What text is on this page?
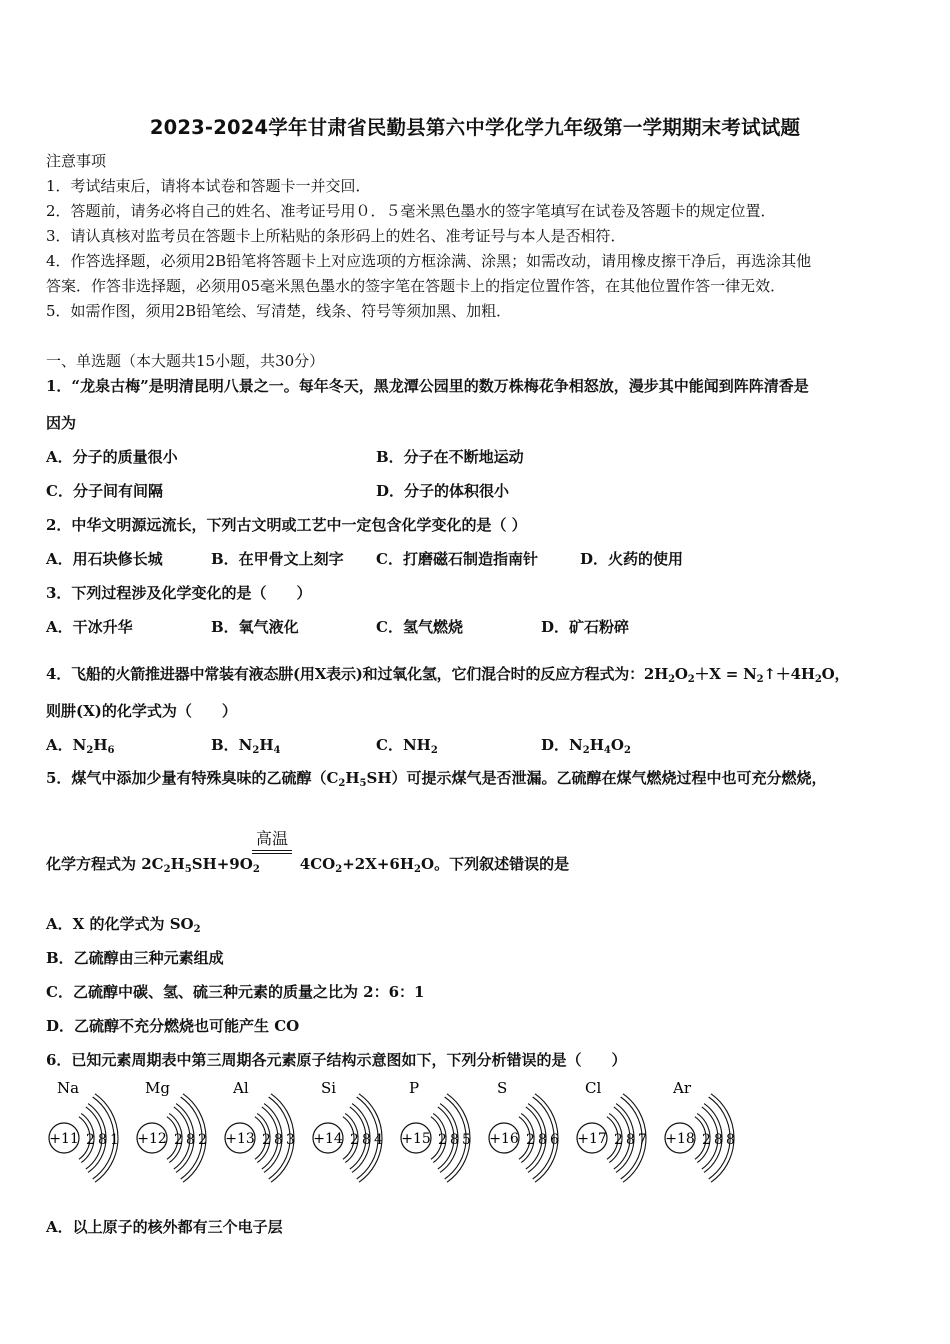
2023-2024学年甘肃省民勤县第六中学化学九年级第一学期期末考试试题
注意事项
1．考试结束后，请将本试卷和答题卡一并交回．
2．答题前，请务必将自己的姓名、准考证号用０．５毫米黑色墨水的签字笔填写在试卷及答题卡的规定位置．
3．请认真核对监考员在答题卡上所粘贴的条形码上的姓名、准考证号与本人是否相符．
4．作答选择题，必须用2B铅笔将答题卡上对应选项的方框涂满、涂黑；如需改动，请用橡皮擦干净后，再选涂其他
答案．作答非选择题，必须用05毫米黑色墨水的签字笔在答题卡上的指定位置作答，在其他位置作答一律无效．
5．如需作图，须用2B铅笔绘、写清楚，线条、符号等须加黑、加粗．
一、单选题（本大题共15小题，共30分）
1．“龙泉古梅”是明清昆明八景之一。每年冬天，黑龙潭公园里的数万株梅花争相怒放，漫步其中能闻到阵阵清香是
因为
A．分子的质量很小	B．分子在不断地运动
C．分子间有间隔	D．分子的体积很小
2．中华文明源远流长，下列古文明或工艺中一定包含化学变化的是（ ）
A．用石块修长城	B．在甲骨文上刻字 C．打磨磁石制造指南针	D．火药的使用
3．下列过程涉及化学变化的是（　　）
A．干冰升华	B．氧气液化	C．氢气燃烧	D．矿石粉碎
4．飞船的火箭推进器中常装有液态肼(用X表示)和过氧化氢，它们混合时的反应方程式为：$2H_2O_2+X$ = $N_2↑+4H_2O$，
则肼(X)的化学式为（　　）
A．$N_2H_6$	B．$N_2H_4$	C．$NH_2$	D．$N_2H_4O_2$
5．煤气中添加少量有特殊臭味的乙硫醇$(C_2H_5SH)$可提示煤气是否泄漏。乙硫醇在煤气燃烧过程中也可充分燃烧，
高温
化学方程式为 $2C_2H_5SH+9O_2$	$4CO_2+2X+6H_2O$。下列叙述错误的是
A．X 的化学式为 $SO_2$
B．乙硫醇由三种元素组成
C．乙硫醇中碳、氢、硫三种元素的质量之比为 2：6：1
D．乙硫醇不充分燃烧也可能产生 CO
6．已知元素周期表中第三周期各元素原子结构示意图如下，下列分析错误的是（　　）
Na
+11 2 8 1
Mg
+12 2 8 2
Al
+13 2 8 3
Si
+14 2 8 4
P
+15 2 8 5
S
+16 2 8 6
Cl
+17 2 8 7
Ar
+18 2 8 8
A．以上原子的核外都有三个电子层
